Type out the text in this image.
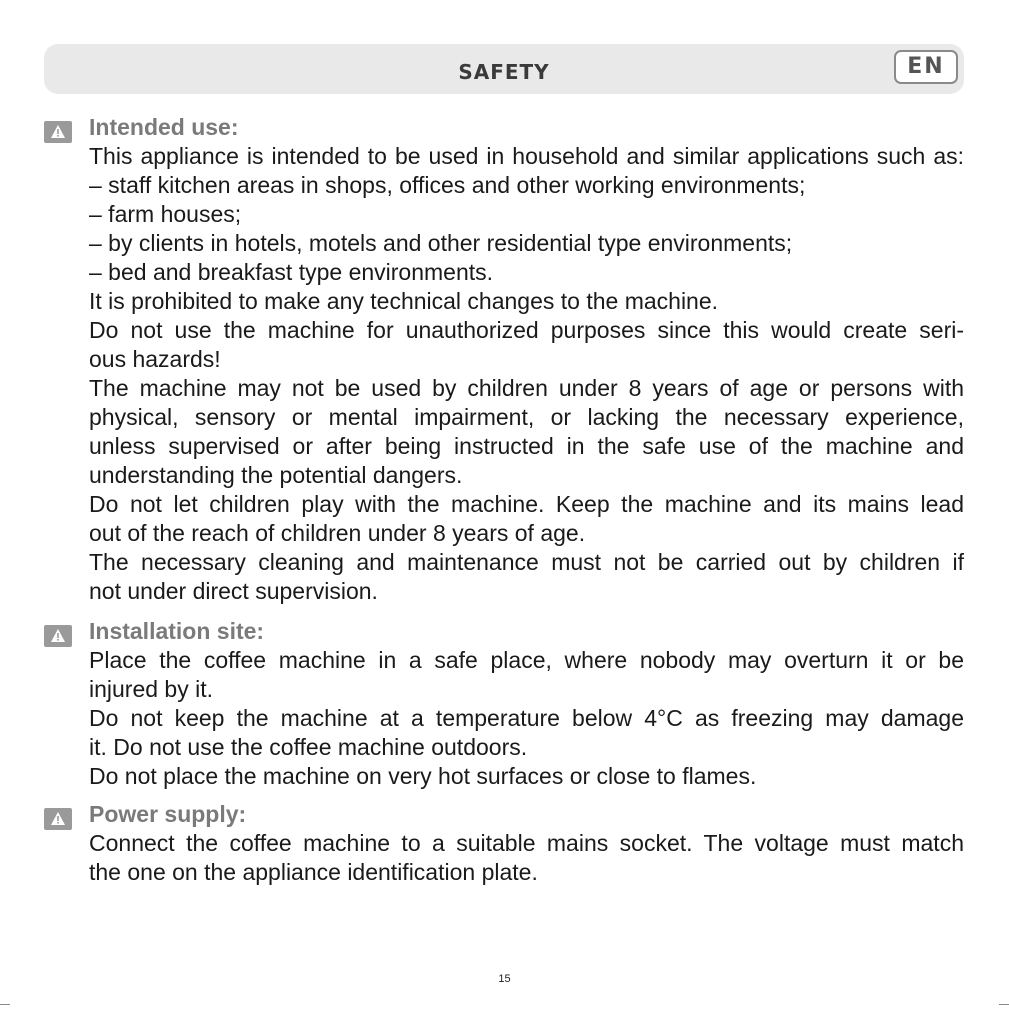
SAFETY	EN
Intended use:
This appliance is intended to be used in household and similar applications such as:
– staff kitchen areas in shops, offices and other working environments;
– farm houses;
– by clients in hotels, motels and other residential type environments;
– bed and breakfast type environments.
It is prohibited to make any technical changes to the machine.
Do not use the machine for unauthorized purposes since this would create seri-
ous hazards!
The machine may not be used by children under 8 years of age or persons with
physical, sensory or mental impairment, or lacking the necessary experience,
unless supervised or after being instructed in the safe use of the machine and
understanding the potential dangers.
Do not let children play with the machine. Keep the machine and its mains lead
out of the reach of children under 8 years of age.
The necessary cleaning and maintenance must not be carried out by children if
not under direct supervision.
Installation site:
Place the coffee machine in a safe place, where nobody may overturn it or be
injured by it.
Do not keep the machine at a temperature below 4°C as freezing may damage
it. Do not use the coffee machine outdoors.
Do not place the machine on very hot surfaces or close to flames.
Power supply:
Connect the coffee machine to a suitable mains socket. The voltage must match
the one on the appliance identification plate.
15
